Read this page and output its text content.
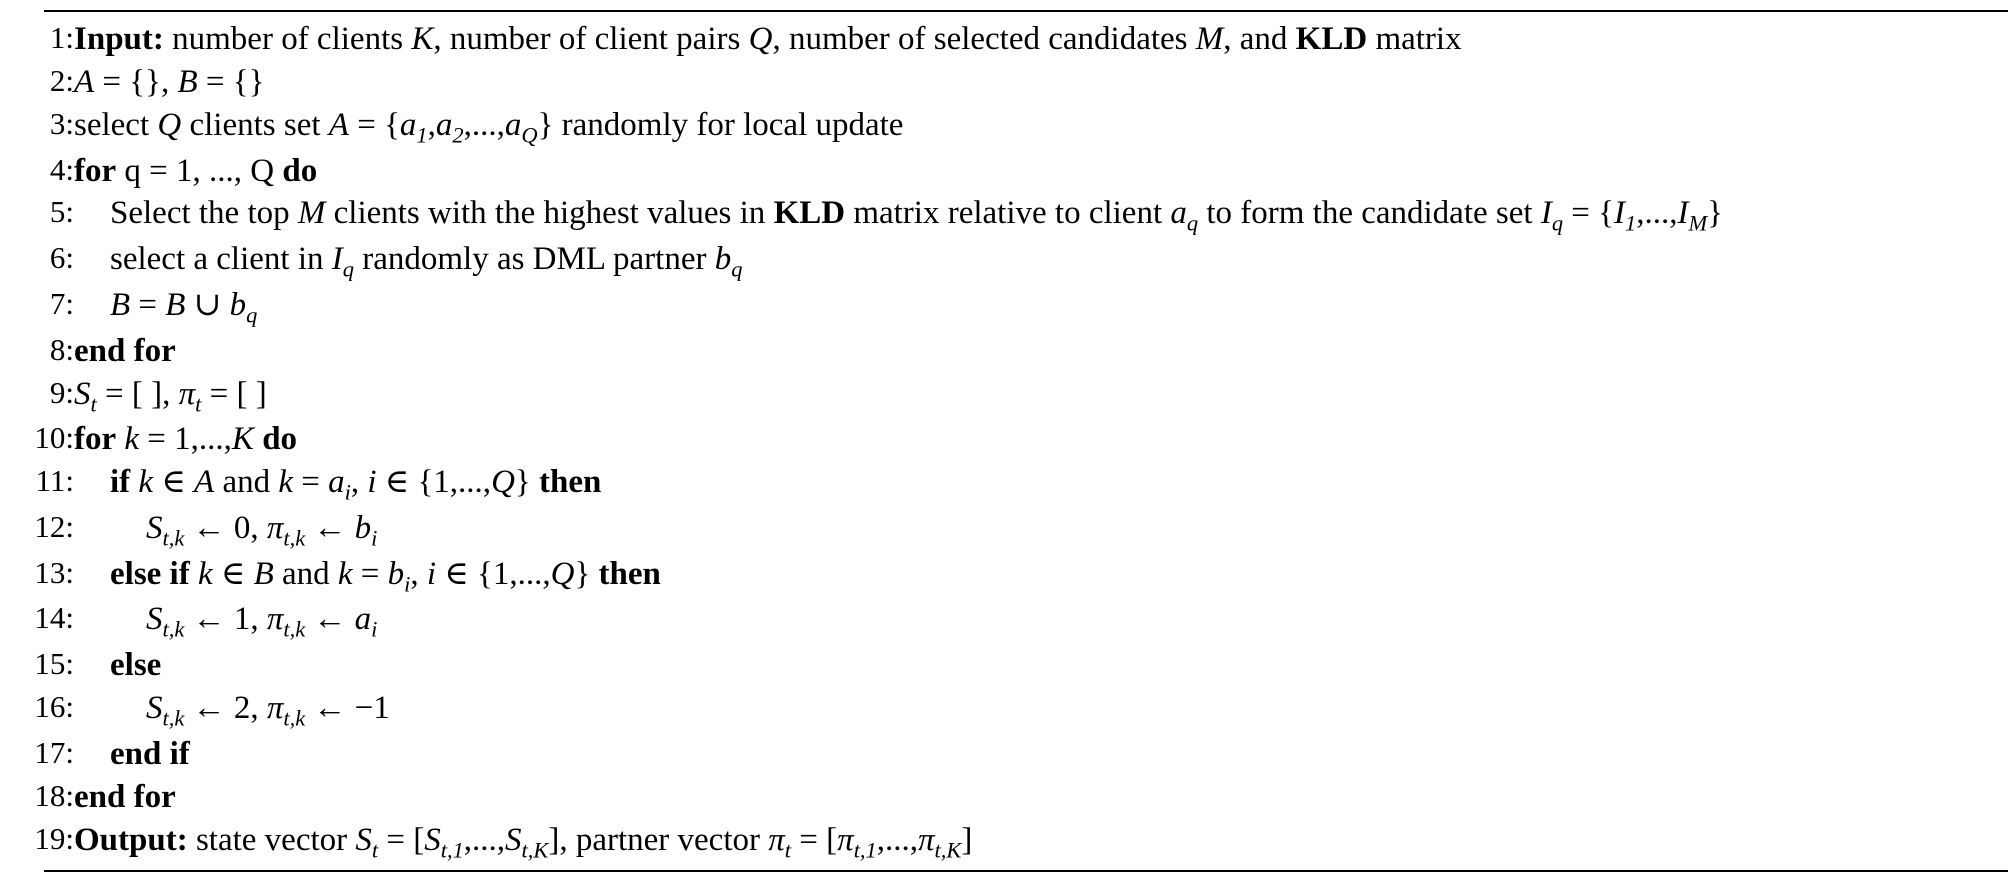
1:	Input: number of clients K, number of client pairs Q, number of selected candidates M, and KLD matrix

2:	A = {}, B = {}

3:	select Q clients set $A = \{a_1,a_2,...,a_Q\}$ randomly for local update

4:	for q = 1, ..., Q do

5:	Select the top M clients with the highest values in KLD matrix relative to client $a_q$ to form the candidate set $I_q = \{I_1,...,I_M\}$

6:	select a client in $I_q$ randomly as DML partner $b_q$

7:	B = B ∪ $b_q$

8:	end for

9:	$S_t$ = [ ], $\pi_t$ = [ ]

10:	for k = 1,...,K do

11:	if k ∈ A and $k = a_i$, i ∈ {1,...,Q} then

12:	$S_{t,k}$ ← 0, $\pi_{t,k}$ ← $b_i$

13:	else if k ∈ B and $k = b_i$, i ∈ {1,...,Q} then

14:	$S_{t,k}$ ← 1, $\pi_{t,k}$ ← $a_i$

15:	else

16:	$S_{t,k}$ ← 2, $\pi_{t,k}$ ← −1

17:	end if

18:	end for

19:	Output: state vector $S_t = [S_{t,1},...,S_{t,K}]$, partner vector $\pi_t = [\pi_{t,1},...,\pi_{t,K}]$
